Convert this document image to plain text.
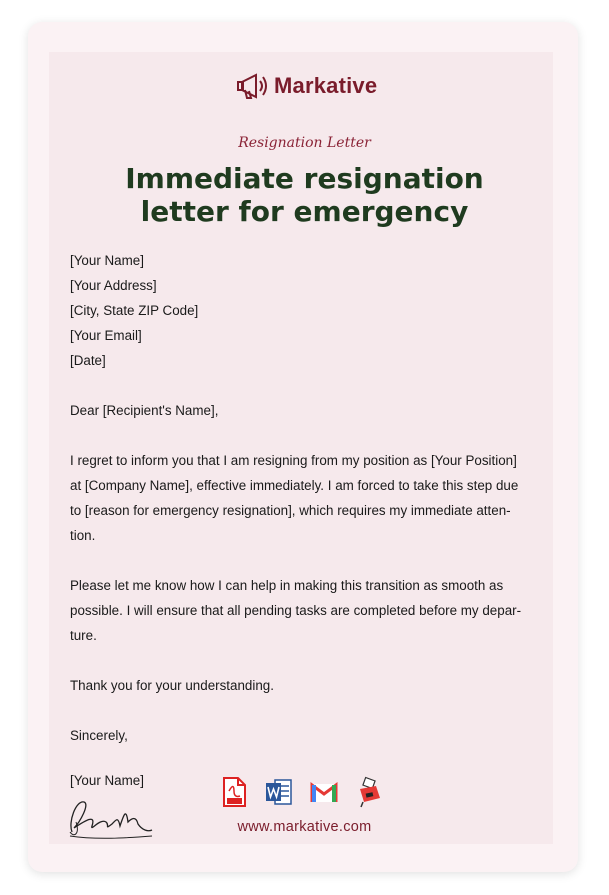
Markative
Resignation Letter
Immediate resignation
letter for emergency

[Your Name]

[Your Address]

[City, State ZIP Code]

[Your Email]

[Date]

Dear [Recipient's Name],

I regret to inform you that I am resigning from my position as [Your Position]

at [Company Name], effective immediately. I am forced to take this step due

to [reason for emergency resignation], which requires my immediate atten-

tion.

Please let me know how I can help in making this transition as smooth as

possible. I will ensure that all pending tasks are completed before my depar-

ture.

Thank you for your understanding.

Sincerely,

[Your Name]
www.markative.com
